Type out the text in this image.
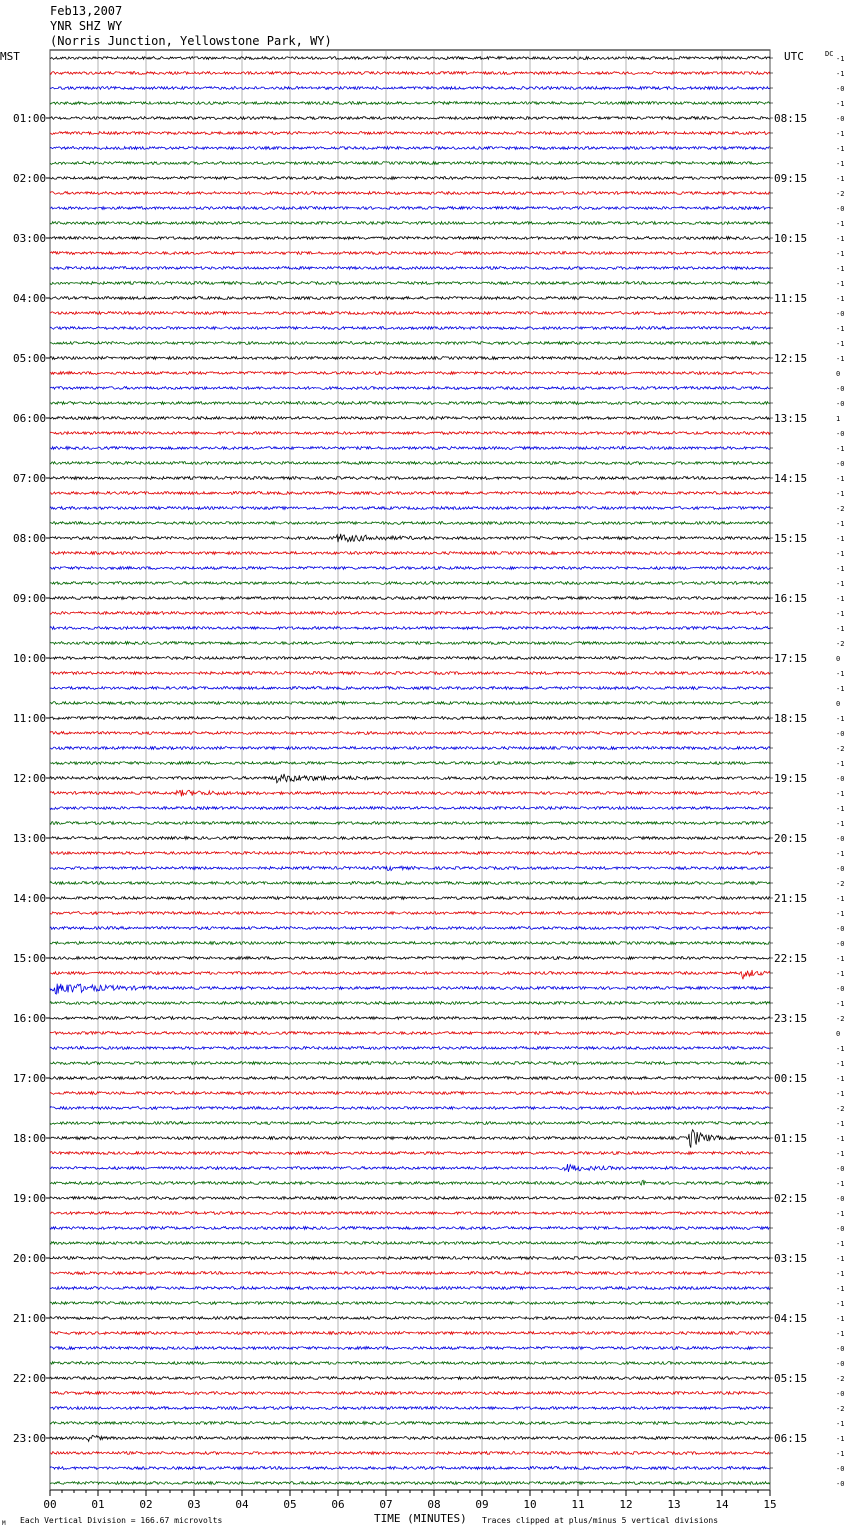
Feb13,2007
YNR SHZ WY
(Norris Junction, Yellowstone Park, WY)
00	01	02	03	04	05	06	07	08	09	10	11	12	13	14	15
-1
-1
-0
-1
-0
-1
-1
-1
-1
-2
-0
-1
-1
-1
-1
-1
-1
-0
-1
-1
-1
0
-0
-0
1
-0
-1
-0
-1
-1
-2
-1
-1
-1
-1
-1
-1
-1
-1
-2
0
-1
-1
0
-1
-0
-2
-1
-0
-1
-1
-1
-0
-1
-0
-2
-1
-1
-0
-0
-1
-1
-0
-1
-2
0
-1
-1
-1
-1
-2
-1
-1
-1
-0
-1
-0
-1
-0
-1
-1
-1
-1
-1
-1
-1
-0
-0
-2
-0
-2
-1
-1
-1
-0
-0
01:00
02:00
03:00
04:00
05:00
06:00
07:00
08:00
09:00
10:00
11:00
12:00
13:00
14:00
15:00
16:00
17:00
18:00
19:00
20:00
21:00
22:00
23:00
08:15
09:15
10:15
11:15
12:15
13:15
14:15
15:15
16:15
17:15
18:15
19:15
20:15
21:15
22:15
23:15
00:15
01:15
02:15
03:15
04:15
05:15
06:15
MST	UTC	DC
TIME (MINUTES)
Each Vertical Division = 166.67 microvolts	Traces clipped at plus/minus 5 vertical divisions
M
